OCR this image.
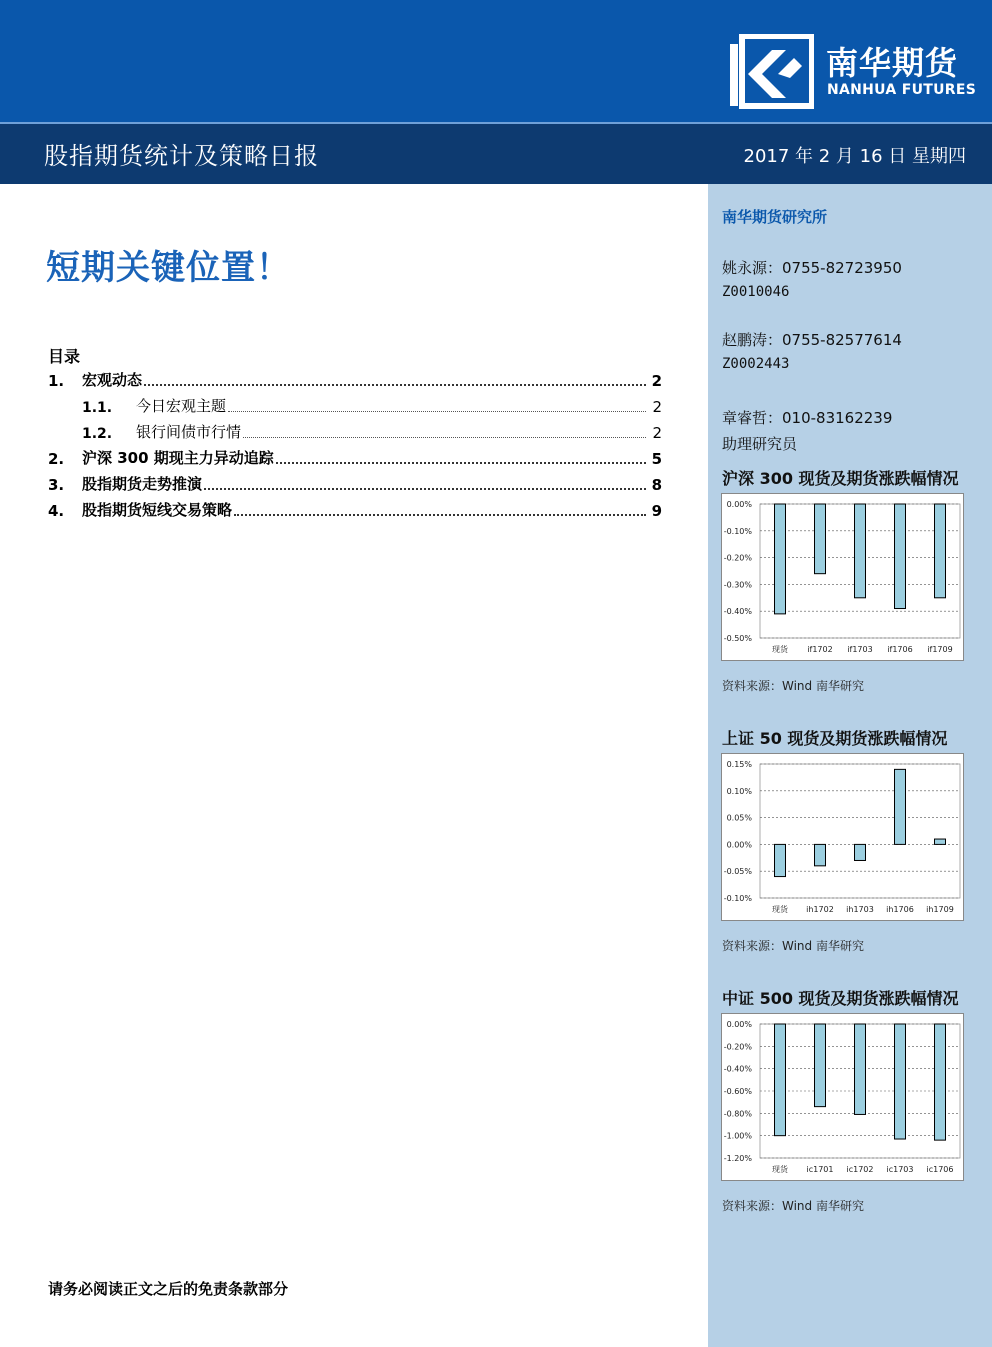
南华期货
NANHUA FUTURES
股指期货统计及策略日报	2017 年 2 月 16 日 星期四
南华期货研究所
姚永源：0755-82723950
Z0010046
赵鹏涛：0755-82577614
Z0002443
章睿哲：010-83162239
助理研究员
沪深 300 现货及期货涨跌幅情况
0.00%
-0.10%
-0.20%
-0.30%
-0.40%
-0.50%
现货 if1702 if1703 if1706 if1709
资料来源：Wind 南华研究
上证 50 现货及期货涨跌幅情况
0.15%
0.10%
0.05%
0.00%
-0.05%
-0.10%
现货 ih1702 ih1703 ih1706 ih1709
资料来源：Wind 南华研究
中证 500 现货及期货涨跌幅情况
0.00%
-0.20%
-0.40%
-0.60%
-0.80%
-1.00%
-1.20%
现货 ic1701 ic1702 ic1703 ic1706
资料来源：Wind 南华研究
短期关键位置！
目录
1.	宏观动态	2
1.1.	今日宏观主题	2
1.2.	银行间债市行情	2
2.	沪深 300 期现主力异动追踪	5
3.	股指期货走势推演	8
4.	股指期货短线交易策略	9
请务必阅读正文之后的免责条款部分
